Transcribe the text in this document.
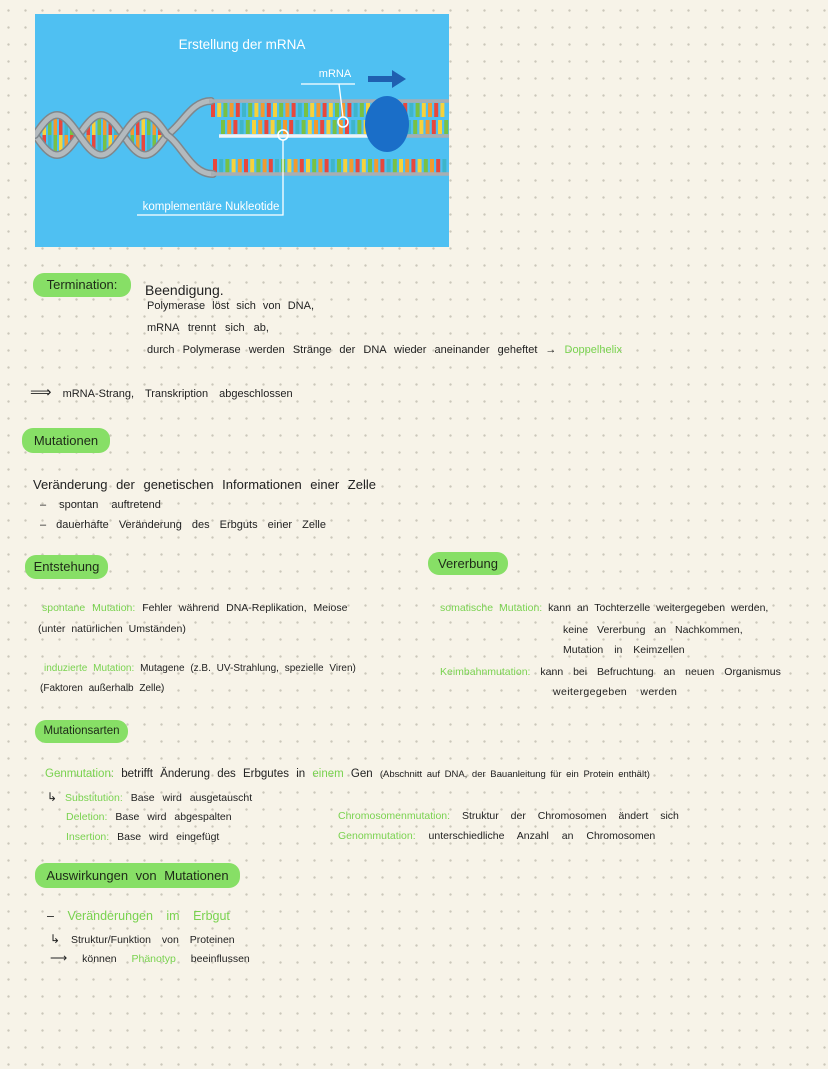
Erstellung der mRNA
mRNA
komplementäre Nukleotide
Termination:	Beendigung.
Polymerase löst sich von DNA,
mRNA trennt sich ab,
durch Polymerase werden Stränge der DNA wieder aneinander geheftet → Doppelhelix
⟹ mRNA-Strang, Transkription abgeschlossen
Mutationen
Veränderung der genetischen Informationen einer Zelle
– spontan auftretend
– dauerhafte Veränderung des Erbguts einer Zelle
Entstehung
spontane Mutation: Fehler während DNA-Replikation, Meiose
(unter natürlichen Umständen)
induzierte Mutation: Mutagene (z.B. UV-Strahlung, spezielle Viren)
(Faktoren außerhalb Zelle)
Vererbung
somatische Mutation: kann an Tochterzelle weitergegeben werden,
keine Vererbung an Nachkommen,
Mutation in Keimzellen
Keimbahnmutation: kann bei Befruchtung an neuen Organismus
weitergegeben werden
Mutationsarten
Genmutation: betrifft Änderung des Erbgutes in einem Gen (Abschnitt auf DNA, der Bauanleitung für ein Protein enthält)
↳ Substitution: Base wird ausgetauscht
Deletion: Base wird abgespalten
Insertion: Base wird eingefügt
Chromosomenmutation: Struktur der Chromosomen ändert sich
Genommutation: unterschiedliche Anzahl an Chromosomen
Auswirkungen von Mutationen
– Veränderungen im Erbgut
↳ Struktur/Funktion von Proteinen
⟶ können Phänotyp beeinflussen
